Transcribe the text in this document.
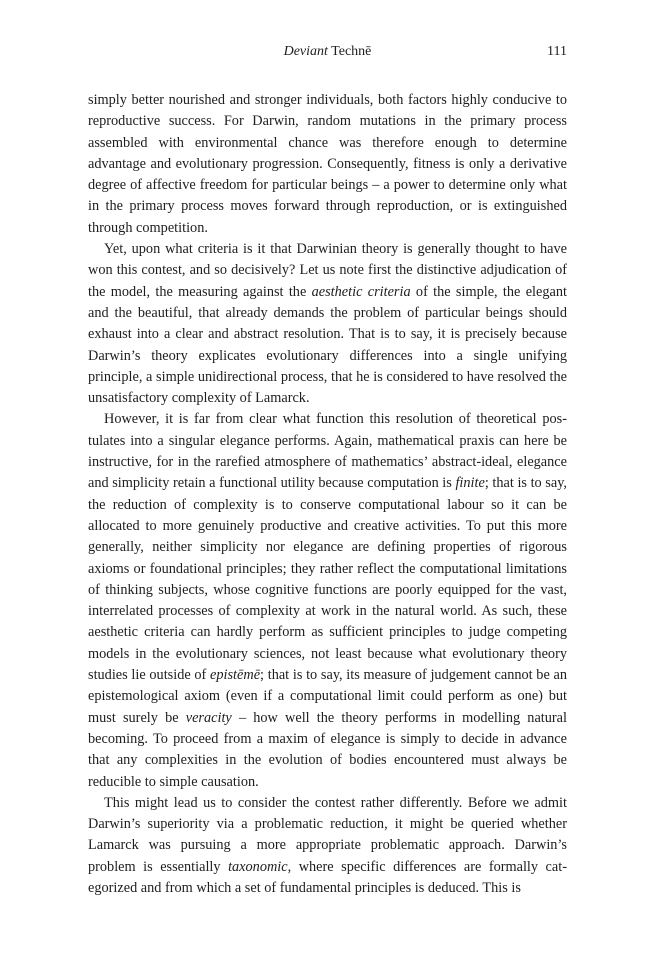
Deviant Technē	111

simply better nourished and stronger individuals, both factors highly conducive to reproductive success. For Darwin, random mutations in the primary process assembled with environmental chance was therefore enough to determine advantage and evolutionary progression. Consequently, fitness is only a derivative degree of affective freedom for particular beings – a power to determine only what in the primary process moves forward through reproduction, or is extinguished through competition.

Yet, upon what criteria is it that Darwinian theory is generally thought to have won this contest, and so decisively? Let us note first the distinctive adjudication of the model, the measuring against the aesthetic criteria of the simple, the elegant and the beautiful, that already demands the problem of particular beings should exhaust into a clear and abstract resolution. That is to say, it is precisely because Darwin’s theory explicates evolutionary differences into a single unifying principle, a simple unidirectional process, that he is considered to have resolved the unsatisfactory complexity of Lamarck.

However, it is far from clear what function this resolution of theoretical postulates into a singular elegance performs. Again, mathematical praxis can here be instructive, for in the rarefied atmosphere of mathematics’ abstract-ideal, elegance and simplicity retain a functional utility because computation is finite; that is to say, the reduction of complexity is to conserve computational labour so it can be allocated to more genuinely productive and creative activities. To put this more generally, neither simplicity nor elegance are defining properties of rigorous axioms or foundational principles; they rather reflect the computational limitations of thinking subjects, whose cognitive functions are poorly equipped for the vast, interrelated processes of complexity at work in the natural world. As such, these aesthetic criteria can hardly perform as sufficient principles to judge competing models in the evolutionary sciences, not least because what evolutionary theory studies lie outside of epistēmē; that is to say, its measure of judgement cannot be an epistemological axiom (even if a computational limit could perform as one) but must surely be veracity – how well the theory performs in modelling natural becoming. To proceed from a maxim of elegance is simply to decide in advance that any complexities in the evolution of bodies encountered must always be reducible to simple causation.

This might lead us to consider the contest rather differently. Before we admit Darwin’s superiority via a problematic reduction, it might be queried whether Lamarck was pursuing a more appropriate problematic approach. Darwin’s problem is essentially taxonomic, where specific differences are formally categorized and from which a set of fundamental principles is deduced. This is
